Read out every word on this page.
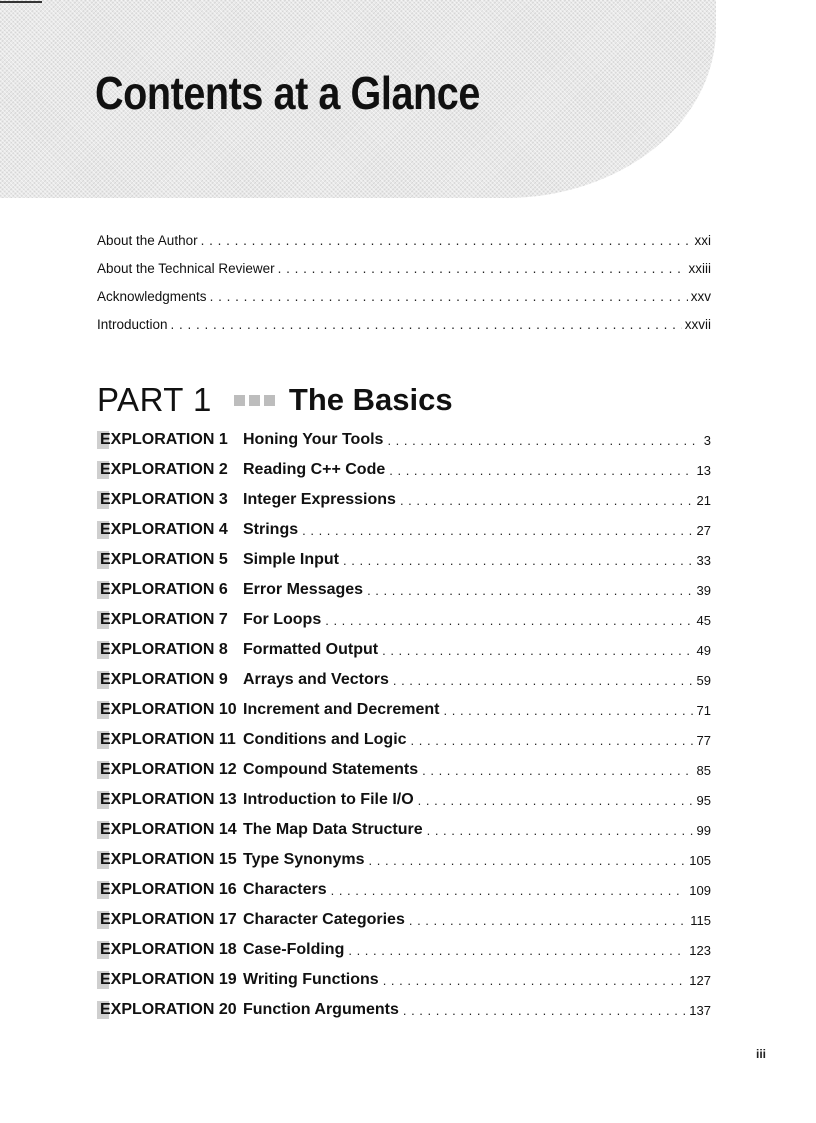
Contents at a Glance
About the Author . . .	xxi
About the Technical Reviewer . . .	xxiii
Acknowledgments . . .	xxv
Introduction . . .	xxvii
PART 1 The Basics
EXPLORATION 1 Honing Your Tools . . .	3
EXPLORATION 2 Reading C++ Code . . .	13
EXPLORATION 3 Integer Expressions . . .	21
EXPLORATION 4 Strings . . .	27
EXPLORATION 5 Simple Input . . .	33
EXPLORATION 6 Error Messages . . .	39
EXPLORATION 7 For Loops . . .	45
EXPLORATION 8 Formatted Output . . .	49
EXPLORATION 9 Arrays and Vectors . . .	59
EXPLORATION 10 Increment and Decrement . . .	71
EXPLORATION 11 Conditions and Logic . . .	77
EXPLORATION 12 Compound Statements . . .	85
EXPLORATION 13 Introduction to File I/O . . .	95
EXPLORATION 14 The Map Data Structure . . .	99
EXPLORATION 15 Type Synonyms . . .	105
EXPLORATION 16 Characters . . .	109
EXPLORATION 17 Character Categories . . .	115
EXPLORATION 18 Case-Folding . . .	123
EXPLORATION 19 Writing Functions . . .	127
EXPLORATION 20 Function Arguments . . .	137
iii
